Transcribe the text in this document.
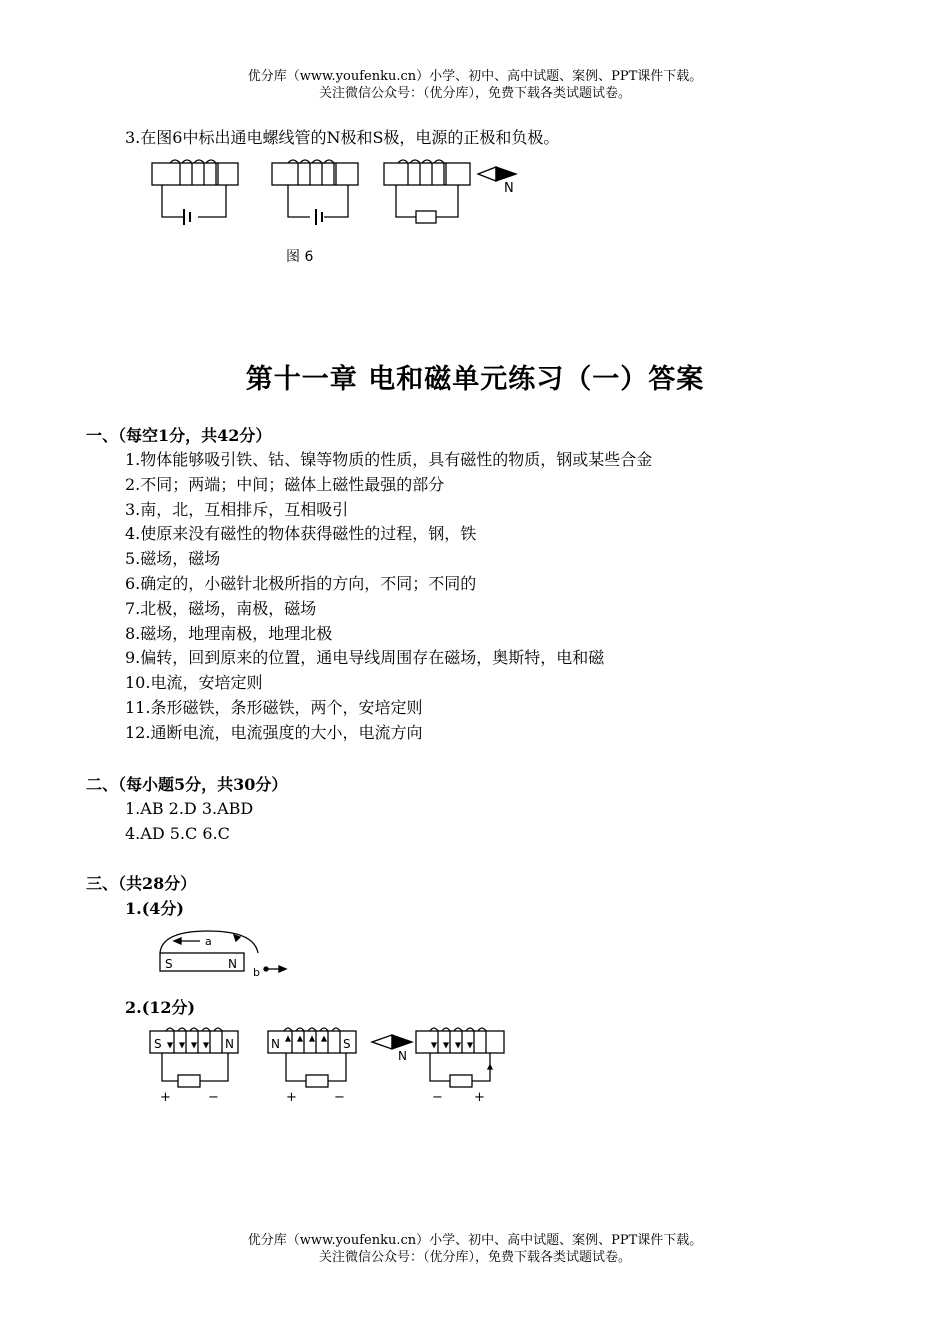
优分库（www.youfenku.cn）小学、初中、高中试题、案例、PPT课件下载。
关注微信公众号：（优分库），免费下载各类试题试卷。
3.在图6中标出通电螺线管的N极和S极，电源的正极和负极。
N
图 6
第十一章 电和磁单元练习（一）答案
一、（每空1分，共42分）
1.物体能够吸引铁、钴、镍等物质的性质，具有磁性的物质，钢或某些合金
2.不同；两端；中间；磁体上磁性最强的部分
3.南，北，互相排斥，互相吸引
4.使原来没有磁性的物体获得磁性的过程，钢，铁
5.磁场，磁场
6.确定的，小磁针北极所指的方向，不同；不同的
7.北极，磁场，南极，磁场
8.磁场，地理南极，地理北极
9.偏转，回到原来的位置，通电导线周围存在磁场，奥斯特，电和磁
10.电流，安培定则
11.条形磁铁，条形磁铁，两个，安培定则
12.通断电流，电流强度的大小，电流方向
二、（每小题5分，共30分）
1.AB 2.D 3.ABD
4.AD 5.C 6.C
三、（共28分）
1.(4分)
S	N
a
b
2.(12分)
S	N	N	S
N
+	−	+	−	− +
优分库（www.youfenku.cn）小学、初中、高中试题、案例、PPT课件下载。
关注微信公众号：（优分库），免费下载各类试题试卷。
